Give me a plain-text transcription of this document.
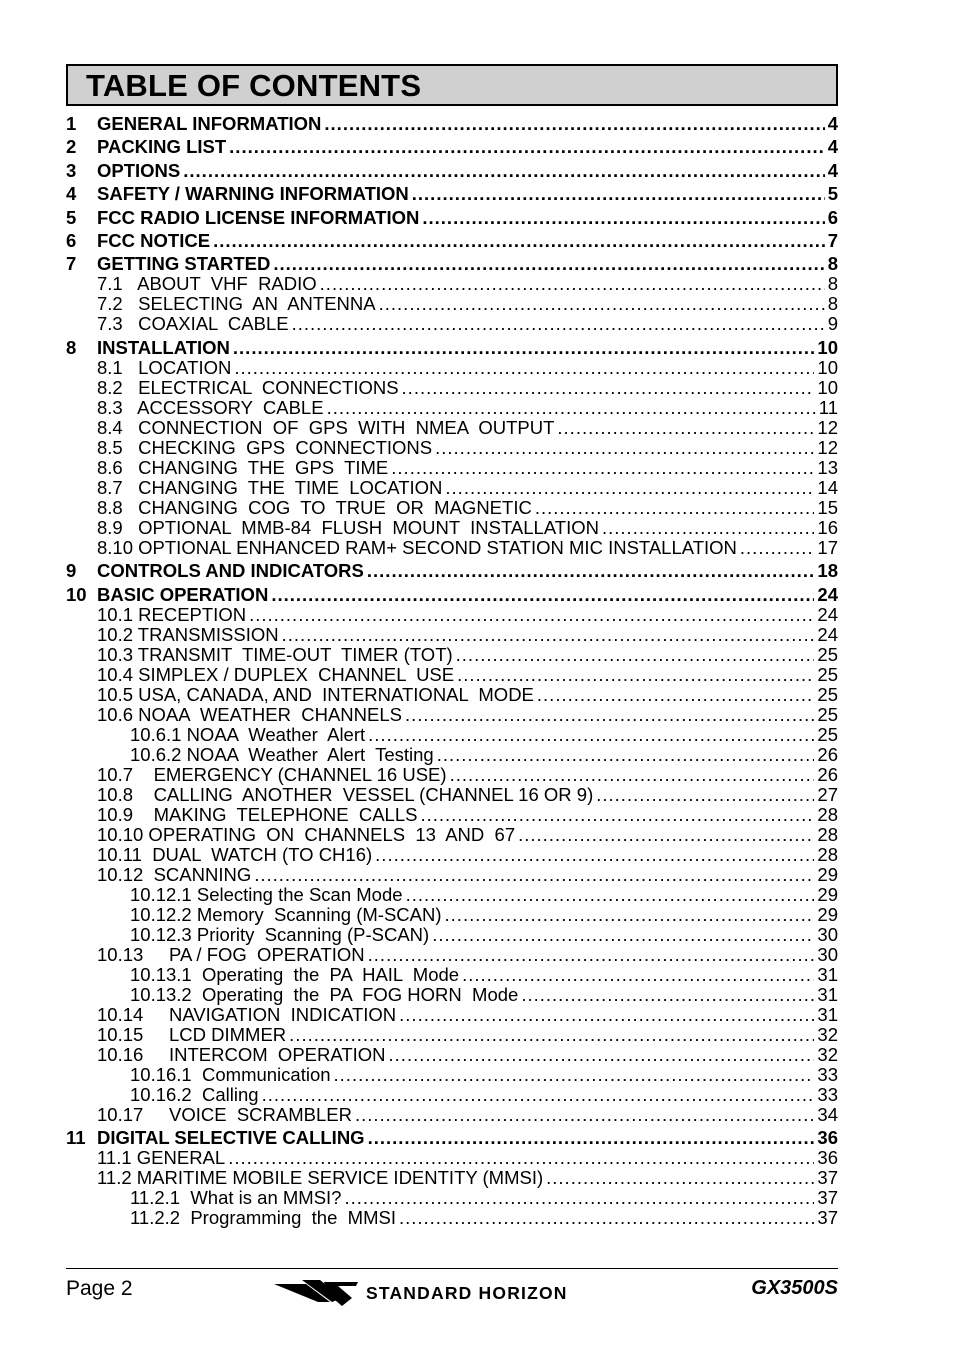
TABLE OF CONTENTS
1	GENERAL INFORMATION .....	4
2	PACKING LIST .....	4
3	OPTIONS .....	4
4	SAFETY / WARNING INFORMATION .....	5
5	FCC RADIO LICENSE INFORMATION .....	6
6	FCC NOTICE .....	7
7	GETTING STARTED .....	8
7.1   ABOUT  VHF  RADIO .....	8
7.2   SELECTING  AN  ANTENNA .....	8
7.3   COAXIAL  CABLE .....	9
8	INSTALLATION .....	10
8.1   LOCATION .....	10
8.2   ELECTRICAL  CONNECTIONS .....	10
8.3   ACCESSORY  CABLE .....	11
8.4   CONNECTION  OF  GPS  WITH  NMEA  OUTPUT .....	12
8.5   CHECKING  GPS  CONNECTIONS .....	12
8.6   CHANGING  THE  GPS  TIME .....	13
8.7   CHANGING  THE  TIME  LOCATION .....	14
8.8   CHANGING  COG  TO  TRUE  OR  MAGNETIC .....	15
8.9   OPTIONAL  MMB-84  FLUSH  MOUNT  INSTALLATION .....	16
8.10 OPTIONAL ENHANCED RAM+ SECOND STATION MIC INSTALLATION .....	17
9	CONTROLS AND INDICATORS .....	18
10 BASIC OPERATION .....	24
10.1 RECEPTION .....	24
10.2 TRANSMISSION .....	24
10.3 TRANSMIT  TIME-OUT  TIMER (TOT) .....	25
10.4 SIMPLEX / DUPLEX  CHANNEL  USE .....	25
10.5 USA, CANADA, AND  INTERNATIONAL  MODE .....	25
10.6 NOAA  WEATHER  CHANNELS .....	25
10.6.1 NOAA  Weather  Alert .....	25
10.6.2 NOAA  Weather  Alert  Testing .....	26
10.7    EMERGENCY (CHANNEL 16 USE) .....	26
10.8    CALLING  ANOTHER  VESSEL (CHANNEL 16 OR 9) .....	27
10.9    MAKING  TELEPHONE  CALLS .....	28
10.10 OPERATING  ON  CHANNELS  13  AND  67 .....	28
10.11  DUAL  WATCH (TO CH16) .....	28
10.12  SCANNING .....	29
10.12.1 Selecting the Scan Mode .....	29
10.12.2 Memory  Scanning (M-SCAN) .....	29
10.12.3 Priority  Scanning (P-SCAN) .....	30
10.13     PA / FOG  OPERATION .....	30
10.13.1  Operating  the  PA  HAIL  Mode .....	31
10.13.2  Operating  the  PA  FOG HORN  Mode .....	31
10.14     NAVIGATION  INDICATION .....	31
10.15     LCD DIMMER .....	32
10.16     INTERCOM  OPERATION .....	32
10.16.1  Communication .....	33
10.16.2  Calling .....	33
10.17     VOICE  SCRAMBLER .....	34
11 DIGITAL SELECTIVE CALLING .....	36
11.1 GENERAL .....	36
11.2 MARITIME MOBILE SERVICE IDENTITY (MMSI) .....	37
11.2.1  What is an MMSI? .....	37
11.2.2  Programming  the  MMSI .....	37
Page 2	STANDARD HORIZON	GX3500S
